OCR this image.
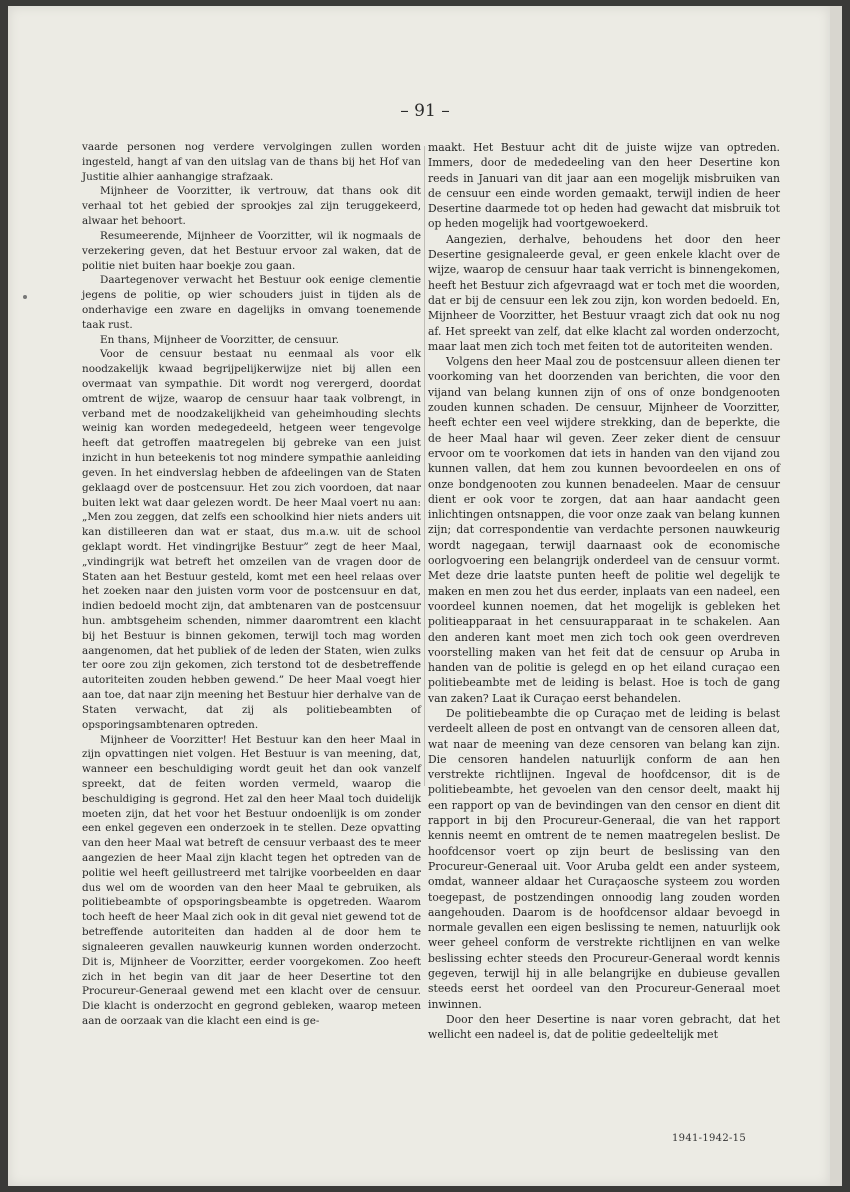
– 91 –

vaarde personen nog verdere vervolgingen zullen worden ingesteld, hangt af van den uitslag van de thans bij het Hof van Justitie alhier aanhangige strafzaak.

Mijnheer de Voorzitter, ik vertrouw, dat thans ook dit verhaal tot het gebied der sprookjes zal zijn teruggekeerd, alwaar het behoort.

Resumeerende, Mijnheer de Voorzitter, wil ik nogmaals de verzekering geven, dat het Bestuur ervoor zal waken, dat de politie niet buiten haar boekje zou gaan.

Daartegenover verwacht het Bestuur ook eenige clementie jegens de politie, op wier schouders juist in tijden als de onderhavige een zware en dagelijks in omvang toenemende taak rust.

En thans, Mijnheer de Voorzitter, de censuur.

Voor de censuur bestaat nu eenmaal als voor elk noodzakelijk kwaad begrijpelijkerwijze niet bij allen een overmaat van sympathie. Dit wordt nog verergerd, doordat omtrent de wijze, waarop de censuur haar taak volbrengt, in verband met de noodzakelijkheid van geheimhouding slechts weinig kan worden medegedeeld, hetgeen weer tengevolge heeft dat getroffen maatregelen bij gebreke van een juist inzicht in hun beteekenis tot nog mindere sympathie aanleiding geven. In het eindverslag hebben de afdeelingen van de Staten geklaagd over de postcensuur. Het zou zich voordoen, dat naar buiten lekt wat daar gelezen wordt. De heer Maal voert nu aan: „Men zou zeggen, dat zelfs een schoolkind hier niets anders uit kan distilleeren dan wat er staat, dus m.a.w. uit de school geklapt wordt. Het vindingrijke Bestuur” zegt de heer Maal, „vindingrijk wat betreft het omzeilen van de vragen door de Staten aan het Bestuur gesteld, komt met een heel relaas over het zoeken naar den juisten vorm voor de postcensuur en dat, indien bedoeld mocht zijn, dat ambtenaren van de postcensuur hun. ambtsgeheim schenden, nimmer daaromtrent een klacht bij het Bestuur is binnen gekomen, terwijl toch mag worden aangenomen, dat het publiek of de leden der Staten, wien zulks ter oore zou zijn gekomen, zich terstond tot de desbetreffende autoriteiten zouden hebben gewend.” De heer Maal voegt hier aan toe, dat naar zijn meening het Bestuur hier derhalve van de Staten verwacht, dat zij als politiebeambten of opsporingsambtenaren optreden.

Mijnheer de Voorzitter! Het Bestuur kan den heer Maal in zijn opvattingen niet volgen. Het Bestuur is van meening, dat, wanneer een beschuldiging wordt geuit het dan ook vanzelf spreekt, dat de feiten worden vermeld, waarop die beschuldiging is gegrond. Het zal den heer Maal toch duidelijk moeten zijn, dat het voor het Bestuur ondoenlijk is om zonder een enkel gegeven een onderzoek in te stellen. Deze opvatting van den heer Maal wat betreft de censuur verbaast des te meer aangezien de heer Maal zijn klacht tegen het optreden van de politie wel heeft geillustreerd met talrijke voorbeelden en daar dus wel om de woorden van den heer Maal te gebruiken, als politiebeambte of opsporingsbeambte is opgetreden. Waarom toch heeft de heer Maal zich ook in dit geval niet gewend tot de betreffende autoriteiten dan hadden al de door hem te signaleeren gevallen nauwkeurig kunnen worden onderzocht. Dit is, Mijnheer de Voorzitter, eerder voorgekomen. Zoo heeft zich in het begin van dit jaar de heer Desertine tot den Procureur-Generaal gewend met een klacht over de censuur. Die klacht is onderzocht en gegrond gebleken, waarop meteen aan de oorzaak van die klacht een eind is ge-

maakt. Het Bestuur acht dit de juiste wijze van optreden. Immers, door de mededeeling van den heer Desertine kon reeds in Januari van dit jaar aan een mogelijk misbruiken van de censuur een einde worden gemaakt, terwijl indien de heer Desertine daarmede tot op heden had gewacht dat misbruik tot op heden mogelijk had voortgewoekerd.

Aangezien, derhalve, behoudens het door den heer Desertine gesignaleerde geval, er geen enkele klacht over de wijze, waarop de censuur haar taak verricht is binnengekomen, heeft het Bestuur zich afgevraagd wat er toch met die woorden, dat er bij de censuur een lek zou zijn, kon worden bedoeld. En, Mijnheer de Voorzitter, het Bestuur vraagt zich dat ook nu nog af. Het spreekt van zelf, dat elke klacht zal worden onderzocht, maar laat men zich toch met feiten tot de autoriteiten wenden.

Volgens den heer Maal zou de postcensuur alleen dienen ter voorkoming van het doorzenden van berichten, die voor den vijand van belang kunnen zijn of ons of onze bondgenooten zouden kunnen schaden. De censuur, Mijnheer de Voorzitter, heeft echter een veel wijdere strekking, dan de beperkte, die de heer Maal haar wil geven. Zeer zeker dient de censuur ervoor om te voorkomen dat iets in handen van den vijand zou kunnen vallen, dat hem zou kunnen bevoordeelen en ons of onze bondgenooten zou kunnen benadeelen. Maar de censuur dient er ook voor te zorgen, dat aan haar aandacht geen inlichtingen ontsnappen, die voor onze zaak van belang kunnen zijn; dat correspondentie van verdachte personen nauwkeurig wordt nagegaan, terwijl daarnaast ook de economische oorlogvoering een belangrijk onderdeel van de censuur vormt. Met deze drie laatste punten heeft de politie wel degelijk te maken en men zou het dus eerder, inplaats van een nadeel, een voordeel kunnen noemen, dat het mogelijk is gebleken het politieapparaat in het censuurapparaat in te schakelen. Aan den anderen kant moet men zich toch ook geen overdreven voorstelling maken van het feit dat de censuur op Aruba in handen van de politie is gelegd en op het eiland curaçao een politiebeambte met de leiding is belast. Hoe is toch de gang van zaken? Laat ik Curaçao eerst behandelen.

De politiebeambte die op Curaçao met de leiding is belast verdeelt alleen de post en ontvangt van de censoren alleen dat, wat naar de meening van deze censoren van belang kan zijn. Die censoren handelen natuurlijk conform de aan hen verstrekte richtlijnen. Ingeval de hoofdcensor, dit is de politiebeambte, het gevoelen van den censor deelt, maakt hij een rapport op van de bevindingen van den censor en dient dit rapport in bij den Procureur-Generaal, die van het rapport kennis neemt en omtrent de te nemen maatregelen beslist. De hoofdcensor voert op zijn beurt de beslissing van den Procureur-Generaal uit. Voor Aruba geldt een ander systeem, omdat, wanneer aldaar het Curaçaosche systeem zou worden toegepast, de postzendingen onnoodig lang zouden worden aangehouden. Daarom is de hoofdcensor aldaar bevoegd in normale gevallen een eigen beslissing te nemen, natuurlijk ook weer geheel conform de verstrekte richtlijnen en van welke beslissing echter steeds den Procureur-Generaal wordt kennis gegeven, terwijl hij in alle belangrijke en dubieuse gevallen steeds eerst het oordeel van den Procureur-Generaal moet inwinnen.

Door den heer Desertine is naar voren gebracht, dat het wellicht een nadeel is, dat de politie gedeeltelijk met

1941-1942-15
